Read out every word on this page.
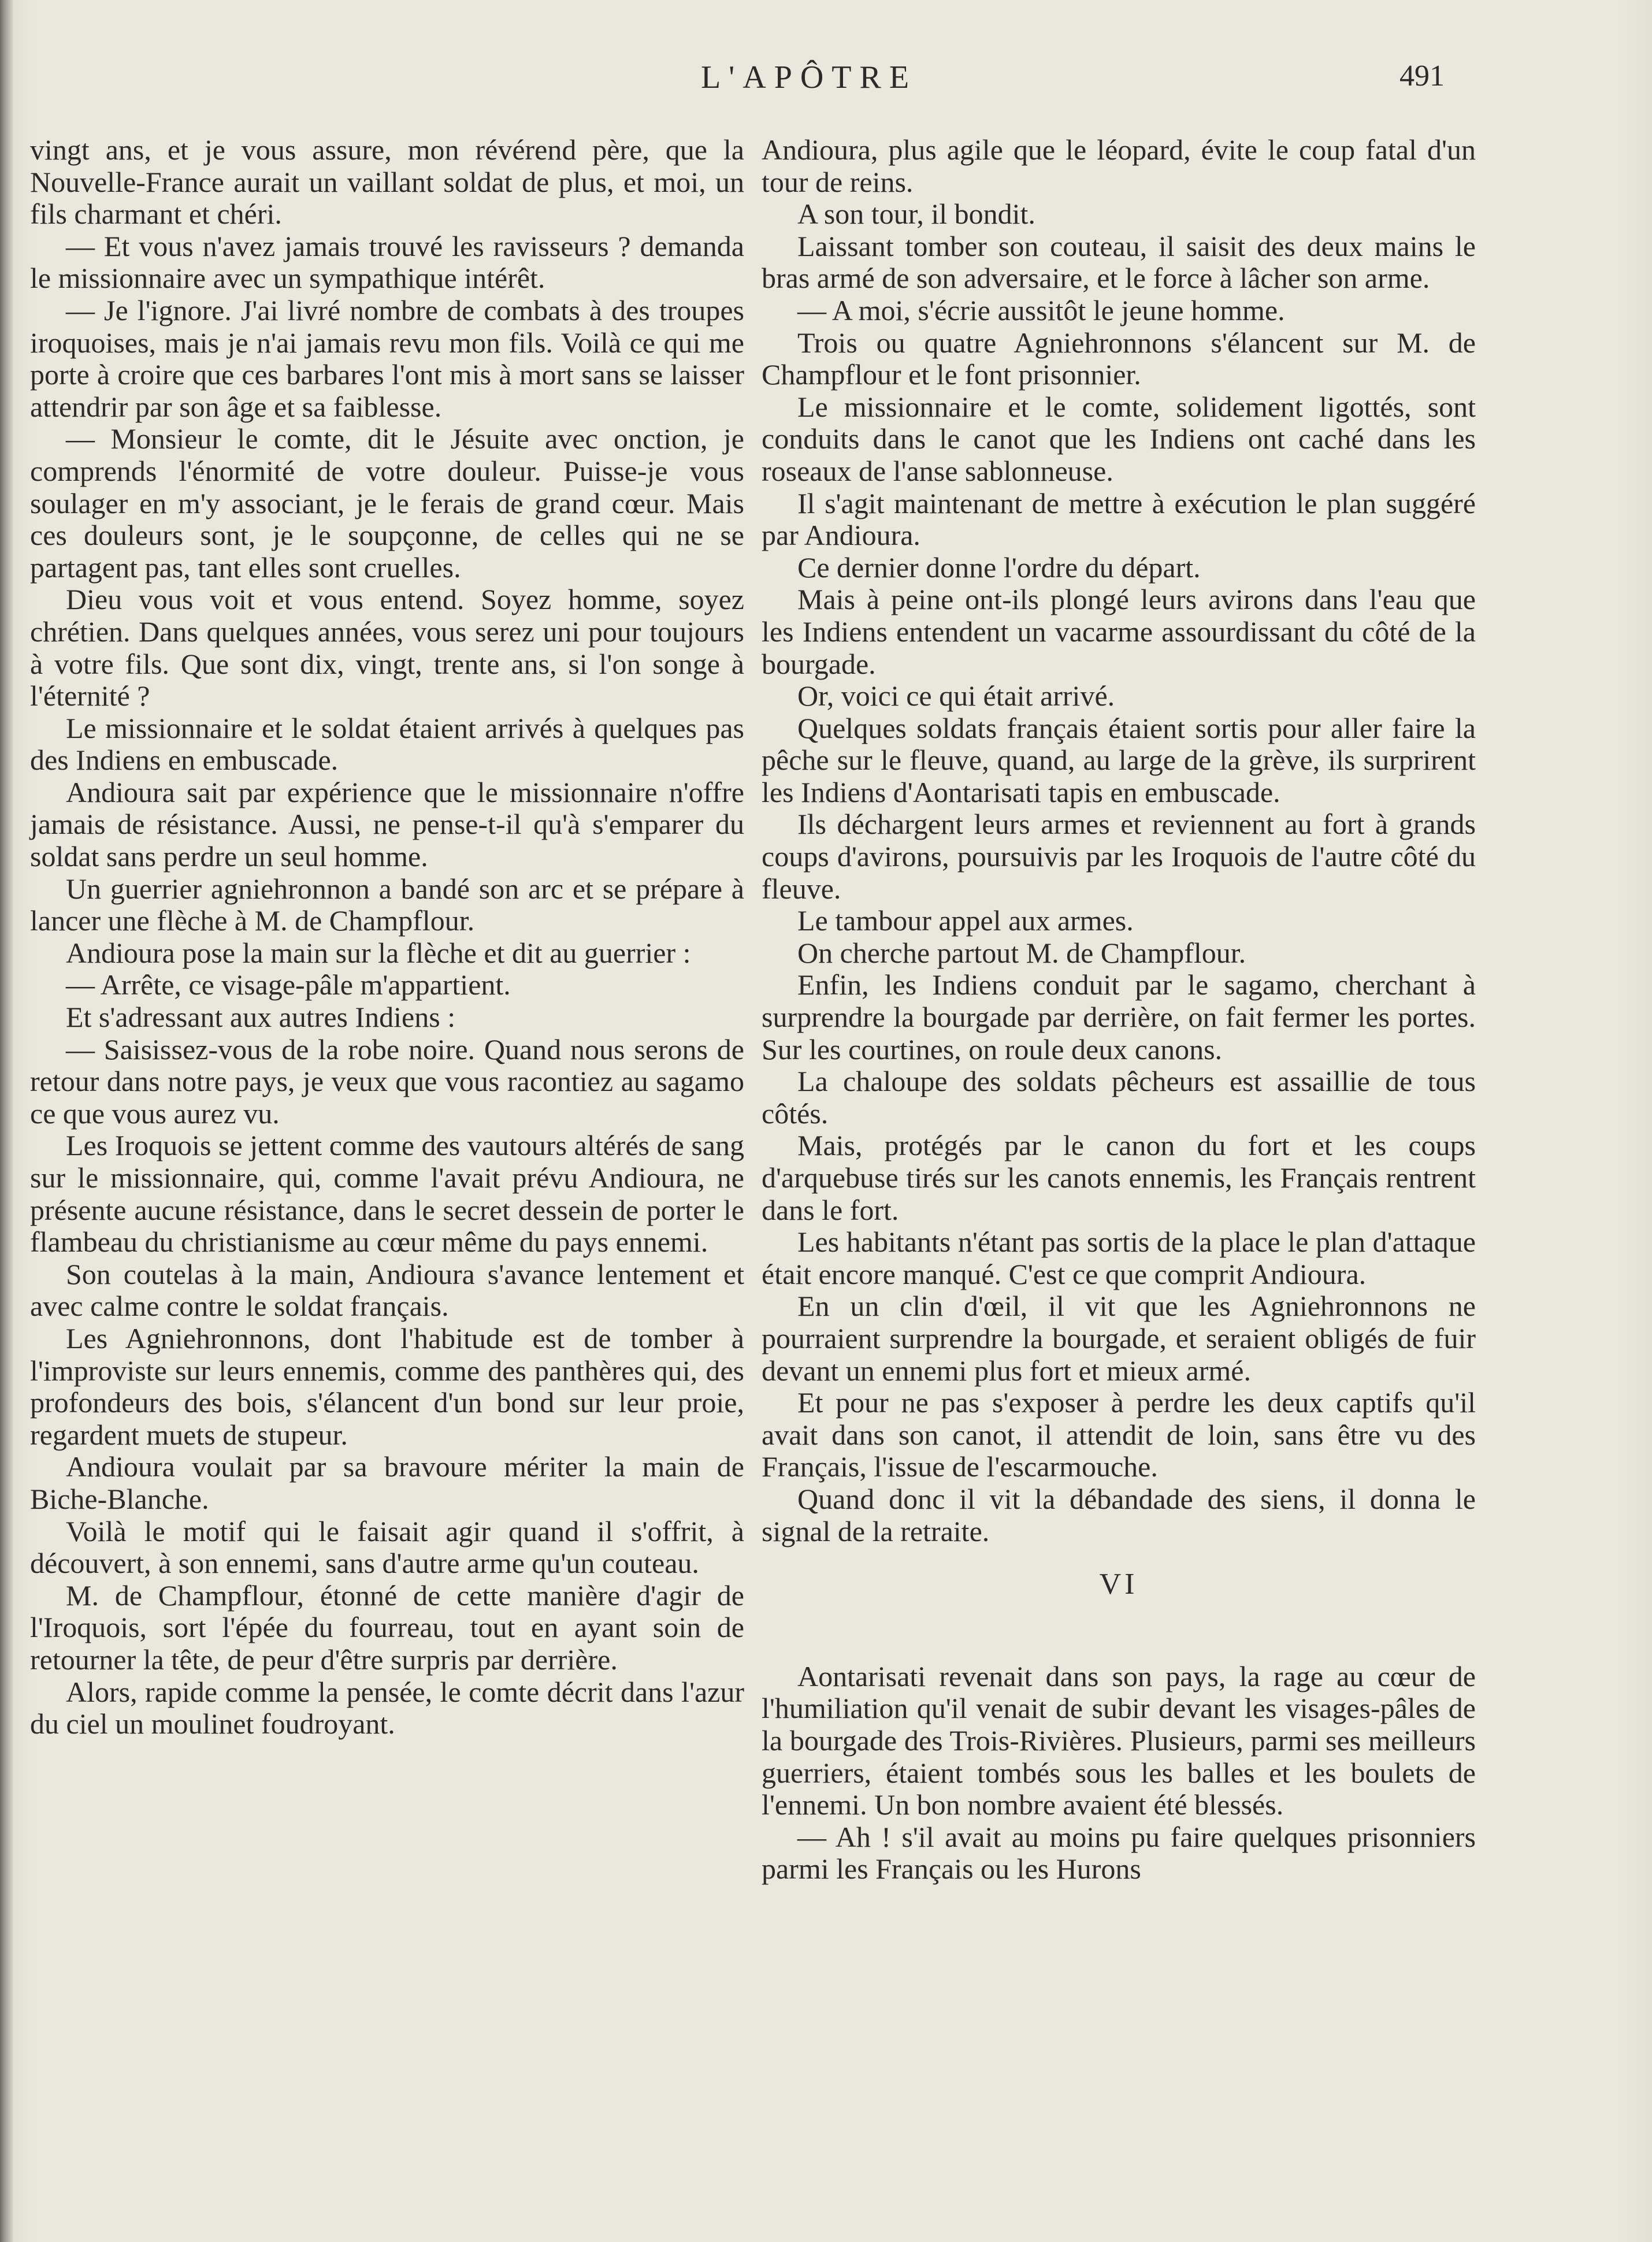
L'APÔTRE	491

vingt ans, et je vous assure, mon révérend père, que la Nouvelle-France aurait un vaillant soldat de plus, et moi, un fils charmant et chéri.

— Et vous n'avez jamais trouvé les ravisseurs ? demanda le missionnaire avec un sympathique intérêt.

— Je l'ignore. J'ai livré nombre de combats à des troupes iroquoises, mais je n'ai jamais revu mon fils. Voilà ce qui me porte à croire que ces barbares l'ont mis à mort sans se laisser attendrir par son âge et sa faiblesse.

— Monsieur le comte, dit le Jésuite avec onction, je comprends l'énormité de votre douleur. Puisse-je vous soulager en m'y associant, je le ferais de grand cœur. Mais ces douleurs sont, je le soupçonne, de celles qui ne se partagent pas, tant elles sont cruelles.

Dieu vous voit et vous entend. Soyez homme, soyez chrétien. Dans quelques années, vous serez uni pour toujours à votre fils. Que sont dix, vingt, trente ans, si l'on songe à l'éternité ?

Le missionnaire et le soldat étaient arrivés à quelques pas des Indiens en embuscade.

Andioura sait par expérience que le missionnaire n'offre jamais de résistance. Aussi, ne pense-t-il qu'à s'emparer du soldat sans perdre un seul homme.

Un guerrier agniehronnon a bandé son arc et se prépare à lancer une flèche à M. de Champflour.

Andioura pose la main sur la flèche et dit au guerrier :

— Arrête, ce visage-pâle m'appartient.

Et s'adressant aux autres Indiens :

— Saisissez-vous de la robe noire. Quand nous serons de retour dans notre pays, je veux que vous racontiez au sagamo ce que vous aurez vu.

Les Iroquois se jettent comme des vautours altérés de sang sur le missionnaire, qui, comme l'avait prévu Andioura, ne présente aucune résistance, dans le secret dessein de porter le flambeau du christianisme au cœur même du pays ennemi.

Son coutelas à la main, Andioura s'avance lentement et avec calme contre le soldat français.

Les Agniehronnons, dont l'habitude est de tomber à l'improviste sur leurs ennemis, comme des panthères qui, des profondeurs des bois, s'élancent d'un bond sur leur proie, regardent muets de stupeur.

Andioura voulait par sa bravoure mériter la main de Biche-Blanche.

Voilà le motif qui le faisait agir quand il s'offrit, à découvert, à son ennemi, sans d'autre arme qu'un couteau.

M. de Champflour, étonné de cette manière d'agir de l'Iroquois, sort l'épée du fourreau, tout en ayant soin de retourner la tête, de peur d'être surpris par derrière.

Alors, rapide comme la pensée, le comte décrit dans l'azur du ciel un moulinet foudroyant.

Andioura, plus agile que le léopard, évite le coup fatal d'un tour de reins.

A son tour, il bondit.

Laissant tomber son couteau, il saisit des deux mains le bras armé de son adversaire, et le force à lâcher son arme.

— A moi, s'écrie aussitôt le jeune homme.

Trois ou quatre Agniehronnons s'élancent sur M. de Champflour et le font prisonnier.

Le missionnaire et le comte, solidement ligottés, sont conduits dans le canot que les Indiens ont caché dans les roseaux de l'anse sablonneuse.

Il s'agit maintenant de mettre à exécution le plan suggéré par Andioura.

Ce dernier donne l'ordre du départ.

Mais à peine ont-ils plongé leurs avirons dans l'eau que les Indiens entendent un vacarme assourdissant du côté de la bourgade.

Or, voici ce qui était arrivé.

Quelques soldats français étaient sortis pour aller faire la pêche sur le fleuve, quand, au large de la grève, ils surprirent les Indiens d'Aontarisati tapis en embuscade.

Ils déchargent leurs armes et reviennent au fort à grands coups d'avirons, poursuivis par les Iroquois de l'autre côté du fleuve.

Le tambour appel aux armes.

On cherche partout M. de Champflour.

Enfin, les Indiens conduit par le sagamo, cherchant à surprendre la bourgade par derrière, on fait fermer les portes. Sur les courtines, on roule deux canons.

La chaloupe des soldats pêcheurs est assaillie de tous côtés.

Mais, protégés par le canon du fort et les coups d'arquebuse tirés sur les canots ennemis, les Français rentrent dans le fort.

Les habitants n'étant pas sortis de la place le plan d'attaque était encore manqué. C'est ce que comprit Andioura.

En un clin d'œil, il vit que les Agniehronnons ne pourraient surprendre la bourgade, et seraient obligés de fuir devant un ennemi plus fort et mieux armé.

Et pour ne pas s'exposer à perdre les deux captifs qu'il avait dans son canot, il attendit de loin, sans être vu des Français, l'issue de l'escarmouche.

Quand donc il vit la débandade des siens, il donna le signal de la retraite.

VI

Aontarisati revenait dans son pays, la rage au cœur de l'humiliation qu'il venait de subir devant les visages-pâles de la bourgade des Trois-Rivières. Plusieurs, parmi ses meilleurs guerriers, étaient tombés sous les balles et les boulets de l'ennemi. Un bon nombre avaient été blessés.

— Ah ! s'il avait au moins pu faire quelques prisonniers parmi les Français ou les Hurons
